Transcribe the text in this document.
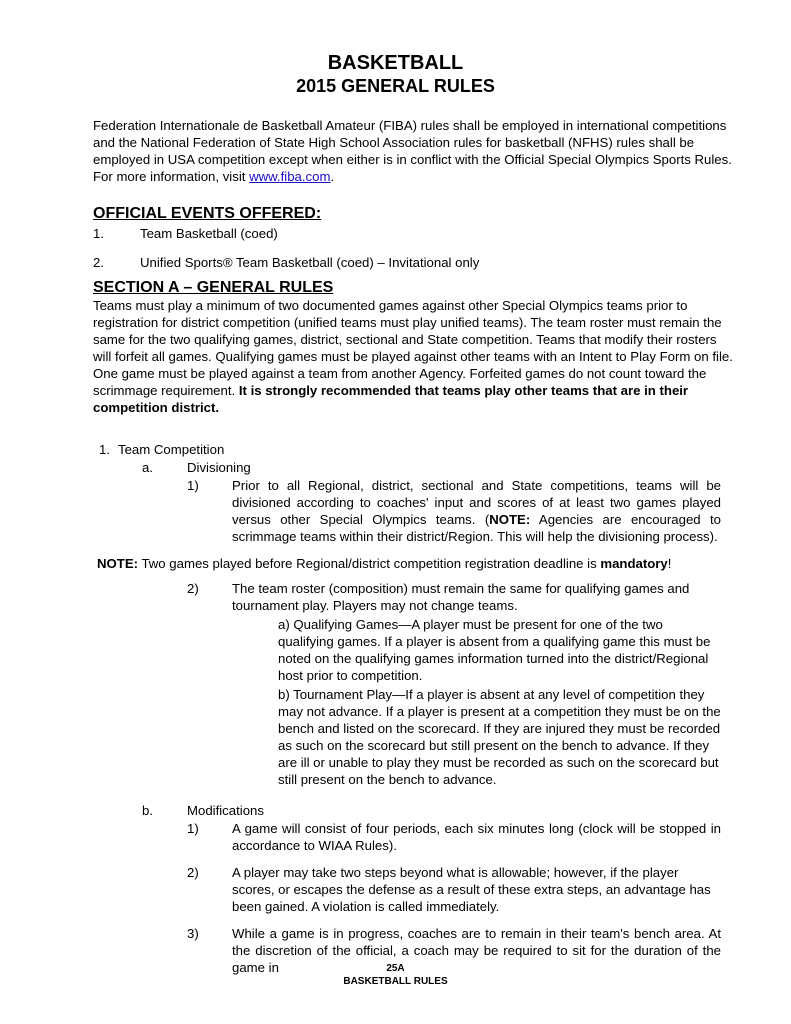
BASKETBALL
2015 GENERAL RULES
Federation Internationale de Basketball Amateur (FIBA) rules shall be employed in international competitions and the National Federation of State High School Association rules for basketball (NFHS) rules shall be employed in USA competition except when either is in conflict with the Official Special Olympics Sports Rules. For more information, visit www.fiba.com.
OFFICIAL EVENTS OFFERED:
1.	Team Basketball (coed)
2.	Unified Sports® Team Basketball (coed) – Invitational only
SECTION A – GENERAL RULES
Teams must play a minimum of two documented games against other Special Olympics teams prior to registration for district competition (unified teams must play unified teams). The team roster must remain the same for the two qualifying games, district, sectional and State competition. Teams that modify their rosters will forfeit all games. Qualifying games must be played against other teams with an Intent to Play Form on file. One game must be played against a team from another Agency. Forfeited games do not count toward the scrimmage requirement. It is strongly recommended that teams play other teams that are in their competition district.
1. Team Competition
a.	Divisioning
1)	Prior to all Regional, district, sectional and State competitions, teams will be divisioned according to coaches' input and scores of at least two games played versus other Special Olympics teams. (NOTE: Agencies are encouraged to scrimmage teams within their district/Region. This will help the divisioning process).
NOTE: Two games played before Regional/district competition registration deadline is mandatory!
2)	The team roster (composition) must remain the same for qualifying games and tournament play. Players may not change teams.
a) Qualifying Games—A player must be present for one of the two qualifying games. If a player is absent from a qualifying game this must be noted on the qualifying games information turned into the district/Regional host prior to competition.
b) Tournament Play—If a player is absent at any level of competition they may not advance. If a player is present at a competition they must be on the bench and listed on the scorecard. If they are injured they must be recorded as such on the scorecard but still present on the bench to advance. If they are ill or unable to play they must be recorded as such on the scorecard but still present on the bench to advance.
b.	Modifications
1)	A game will consist of four periods, each six minutes long (clock will be stopped in accordance to WIAA Rules).
2)	A player may take two steps beyond what is allowable; however, if the player scores, or escapes the defense as a result of these extra steps, an advantage has been gained. A violation is called immediately.
3)	While a game is in progress, coaches are to remain in their team's bench area. At the discretion of the official, a coach may be required to sit for the duration of the game in	25A
BASKETBALL RULES
